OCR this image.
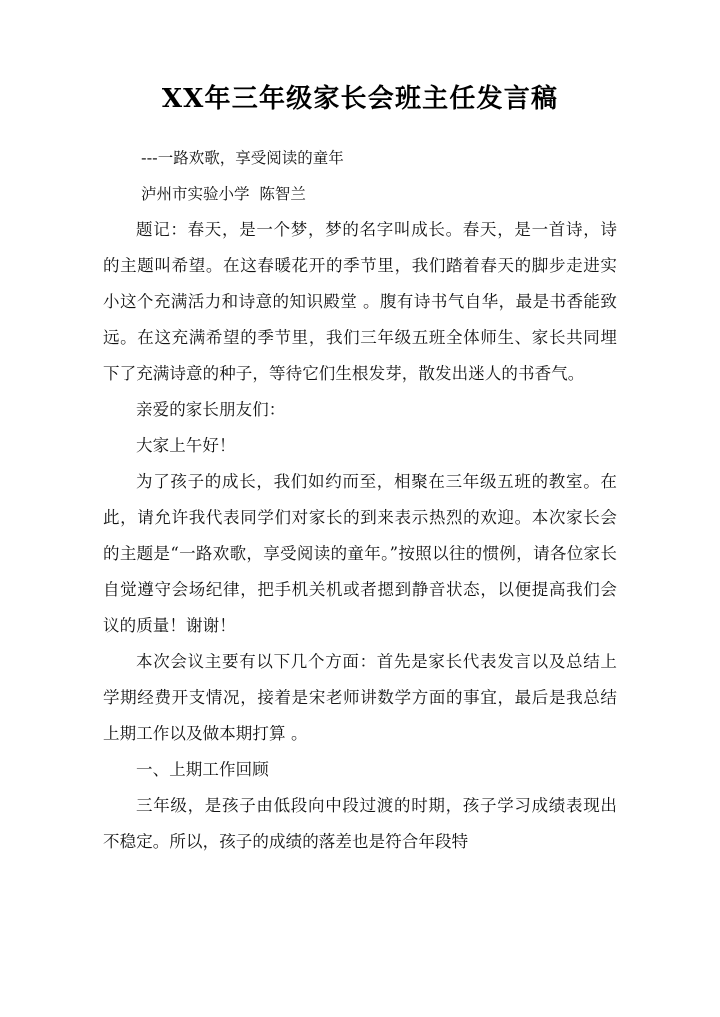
XX年三年级家长会班主任发言稿

---一路欢歌，享受阅读的童年

泸州市实验小学  陈智兰

题记：春天，是一个梦，梦的名字叫成长。春天，是一首诗，诗的主题叫希望。在这春暖花开的季节里，我们踏着春天的脚步走进实小这个充满活力和诗意的知识殿堂 。腹有诗书气自华，最是书香能致远。在这充满希望的季节里，我们三年级五班全体师生、家长共同埋下了充满诗意的种子，等待它们生根发芽，散发出迷人的书香气。

亲爱的家长朋友们：

大家上午好！

为了孩子的成长，我们如约而至，相聚在三年级五班的教室。在此，请允许我代表同学们对家长的到来表示热烈的欢迎。本次家长会的主题是“一路欢歌，享受阅读的童年。”按照以往的惯例，请各位家长自觉遵守会场纪律，把手机关机或者摁到静音状态，以便提高我们会议的质量！谢谢！

本次会议主要有以下几个方面：首先是家长代表发言以及总结上学期经费开支情况，接着是宋老师讲数学方面的事宜，最后是我总结上期工作以及做本期打算 。

一、上期工作回顾

三年级，是孩子由低段向中段过渡的时期，孩子学习成绩表现出不稳定。所以，孩子的成绩的落差也是符合年段特
